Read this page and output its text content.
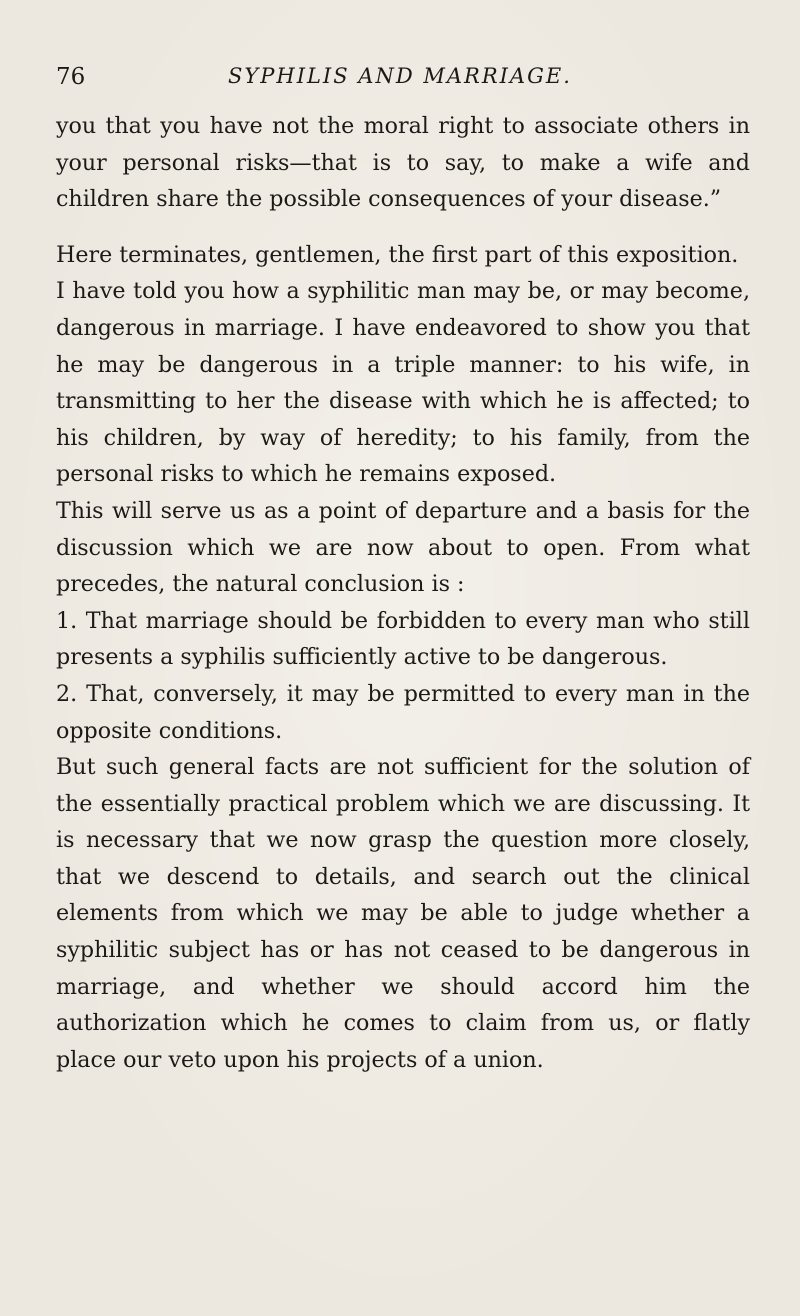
76	SYPHILIS AND MARRIAGE.

you that you have not the moral right to associate others in your personal risks—that is to say, to make a wife and children share the possible consequences of your disease.”

Here terminates, gentlemen, the first part of this exposition.

I have told you how a syphilitic man may be, or may become, dangerous in marriage. I have endeavored to show you that he may be dangerous in a triple manner: to his wife, in transmitting to her the disease with which he is affected; to his children, by way of heredity; to his family, from the personal risks to which he remains exposed.

This will serve us as a point of departure and a basis for the discussion which we are now about to open. From what precedes, the natural conclusion is :

1. That marriage should be forbidden to every man who still presents a syphilis sufficiently active to be dangerous.

2. That, conversely, it may be permitted to every man in the opposite conditions.

But such general facts are not sufficient for the solution of the essentially practical problem which we are discussing. It is necessary that we now grasp the question more closely, that we descend to details, and search out the clinical elements from which we may be able to judge whether a syphilitic subject has or has not ceased to be dangerous in marriage, and whether we should accord him the authorization which he comes to claim from us, or flatly place our veto upon his projects of a union.
